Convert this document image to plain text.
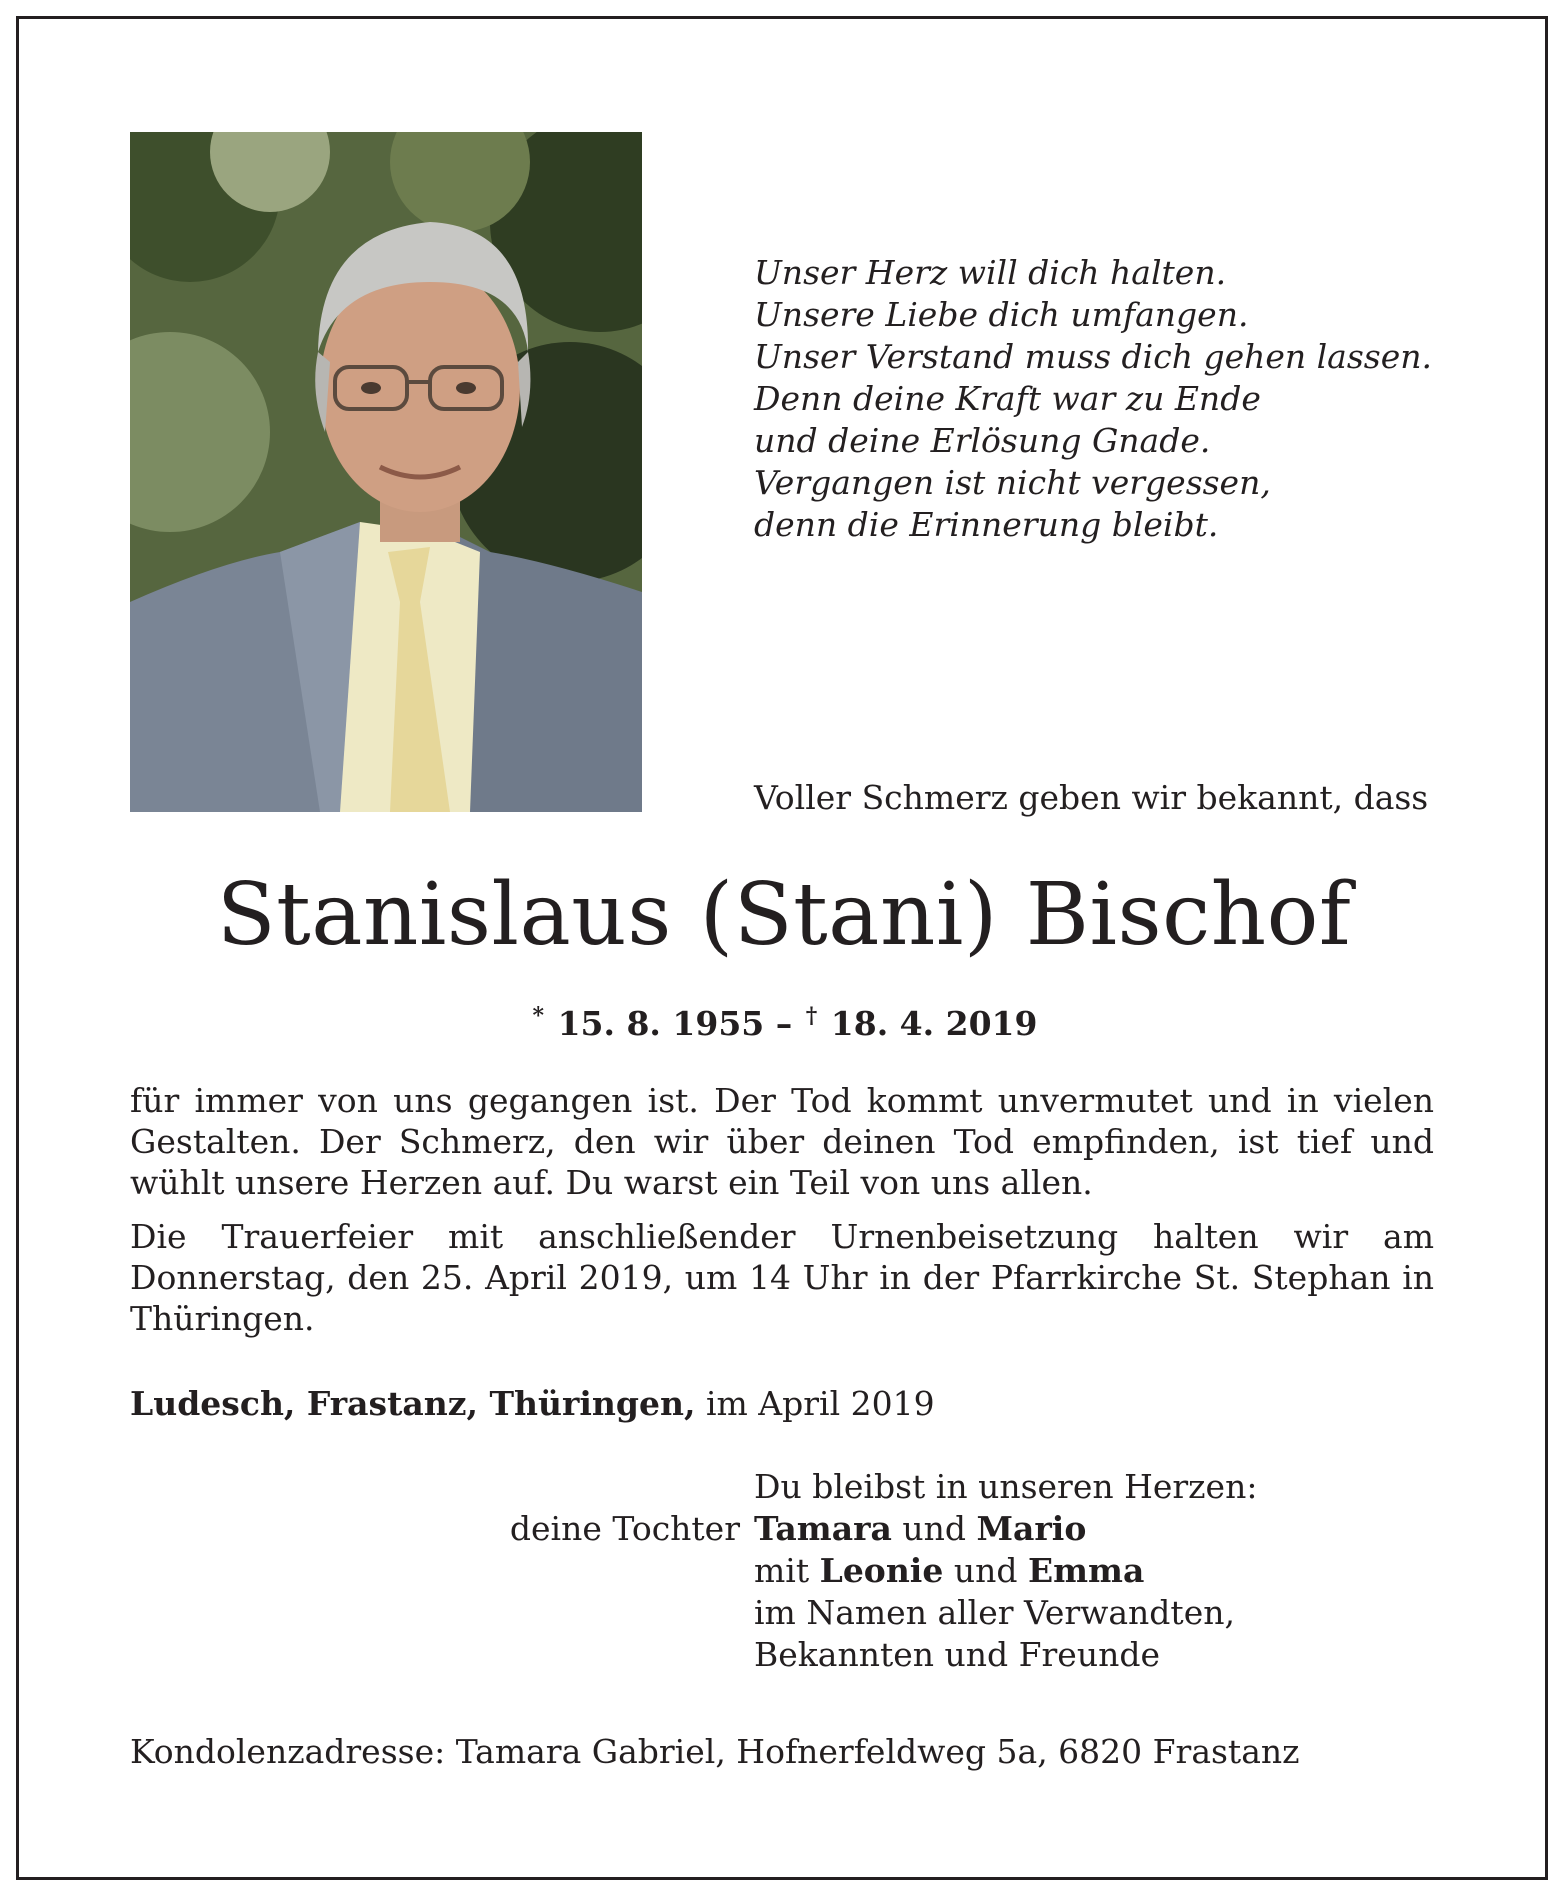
Unser Herz will dich halten.
Unsere Liebe dich umfangen.
Unser Verstand muss dich gehen lassen.
Denn deine Kraft war zu Ende
und deine Erlösung Gnade.
Vergangen ist nicht vergessen,
denn die Erinnerung bleibt.
Voller Schmerz geben wir bekannt, dass
Stanislaus (Stani) Bischof
* 15. 8. 1955 – † 18. 4. 2019

für immer von uns gegangen ist. Der Tod kommt unvermutet und in vielen Gestalten. Der Schmerz, den wir über deinen Tod empfinden, ist tief und wühlt unsere Herzen auf. Du warst ein Teil von uns allen.

Die Trauerfeier mit anschließender Urnenbeisetzung halten wir am Donnerstag, den 25. April 2019, um 14 Uhr in der Pfarrkirche St. Stephan in Thüringen.

Ludesch, Frastanz, Thüringen, im April 2019
Du bleibst in unseren Herzen:
deine Tochter Tamara und Mario
mit Leonie und Emma
im Namen aller Verwandten,
Bekannten und Freunde
Kondolenzadresse: Tamara Gabriel, Hofnerfeldweg 5a, 6820 Frastanz
